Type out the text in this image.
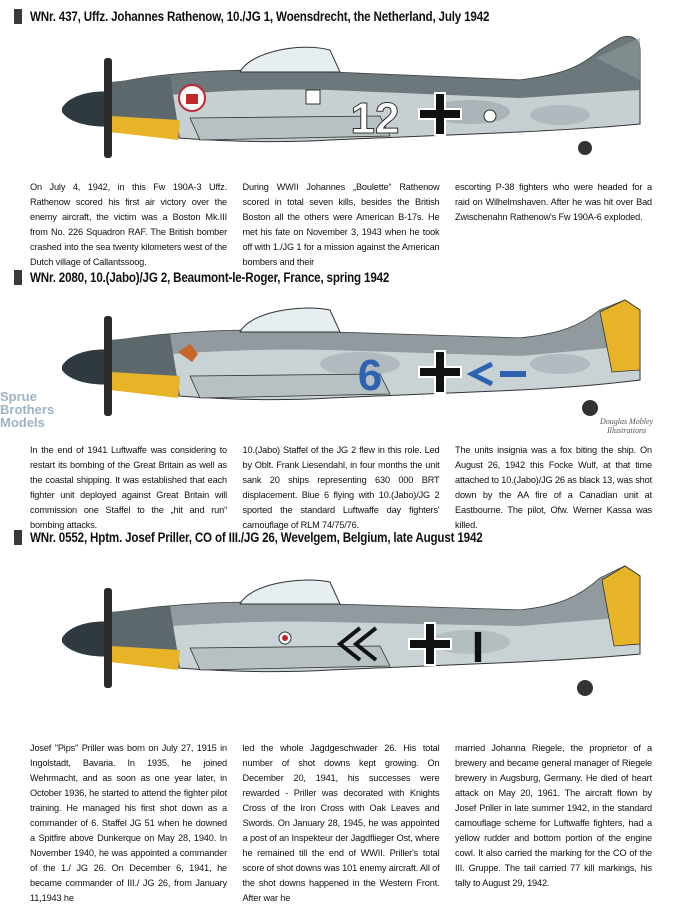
WNr. 437, Uffz. Johannes Rathenow, 10./JG 1, Woensdrecht, the Netherland, July 1942
12
On July 4, 1942, in this Fw 190A-3 Uffz. Rathenow scored his first air victory over the enemy aircraft, the victim was a Boston Mk.III from No. 226 Squadron RAF. The British bomber crashed into the sea twenty kilometers west of the Dutch village of Callantssoog.
During WWII Johannes „Boulette“ Rathenow scored in total seven kills, besides the British Boston all the others were American B-17s. He met his fate on November 3, 1943 when he took off with 1./JG 1 for a mission against the American bombers and their
escorting P-38 fighters who were headed for a raid on Wilhelmshaven. After he was hit over Bad Zwischenahn Rathenow's Fw 190A-6 exploded.
WNr. 2080, 10.(Jabo)/JG 2, Beaumont-le-Roger, France, spring 1942
6
Sprue Brothers Models	Douglas Mobley Illustrations
In the end of 1941 Luftwaffe was considering to restart its bombing of the Great Britain as well as the coastal shipping. It was established that each fighter unit deployed against Great Britain will commission one Staffel to the „hit and run“ bombing attacks.
10.(Jabo) Staffel of the JG 2 flew in this role. Led by Oblt. Frank Liesendahl, in four months the unit sank 20 ships representing 630 000 BRT displacement. Blue 6 flying with 10.(Jabo)/JG 2 sported the standard Luftwaffe day fighters' camouflage of RLM 74/75/76.
The units insignia was a fox biting the ship. On August 26, 1942 this Focke Wulf, at that time attached to 10.(Jabo)/JG 26 as black 13, was shot down by the AA fire of a Canadian unit at Eastbourne. The pilot, Ofw. Werner Kassa was killed.
WNr. 0552, Hptm. Josef Priller, CO of III./JG 26, Wevelgem, Belgium, late August 1942
I
Josef "Pips" Priller was born on July 27, 1915 in Ingolstadt, Bavaria. In 1935, he joined Wehrmacht, and as soon as one year later, in October 1936, he started to attend the fighter pilot training. He managed his first shot down as a commander of 6. Staffel JG 51 when he downed a Spitfire above Dunkerque on May 28, 1940. In November 1940, he was appointed a commander of the 1./ JG 26. On December 6, 1941, he became commander of III./ JG 26, from January 11,1943 he
led the whole Jagdgeschwader 26. His total number of shot downs kept growing. On December 20, 1941, his successes were rewarded - Priller was decorated with Knights Cross of the Iron Cross with Oak Leaves and Swords. On January 28, 1945, he was appointed a post of an Inspekteur der Jagdflieger Ost, where he remained till the end of WWII. Priller's total score of shot downs was 101 enemy aircraft. All of the shot downs happened in the Western Front. After war he
married Johanna Riegele, the proprietor of a brewery and became general manager of Riegele brewery in Augsburg, Germany. He died of heart attack on May 20, 1961. The aircraft flown by Josef Priller in late summer 1942, in the standard camouflage scheme for Luftwaffe fighters, had a yellow rudder and bottom portion of the engine cowl. It also carried the marking for the CO of the III. Gruppe. The tail carried 77 kill markings, his tally to August 29, 1942.
